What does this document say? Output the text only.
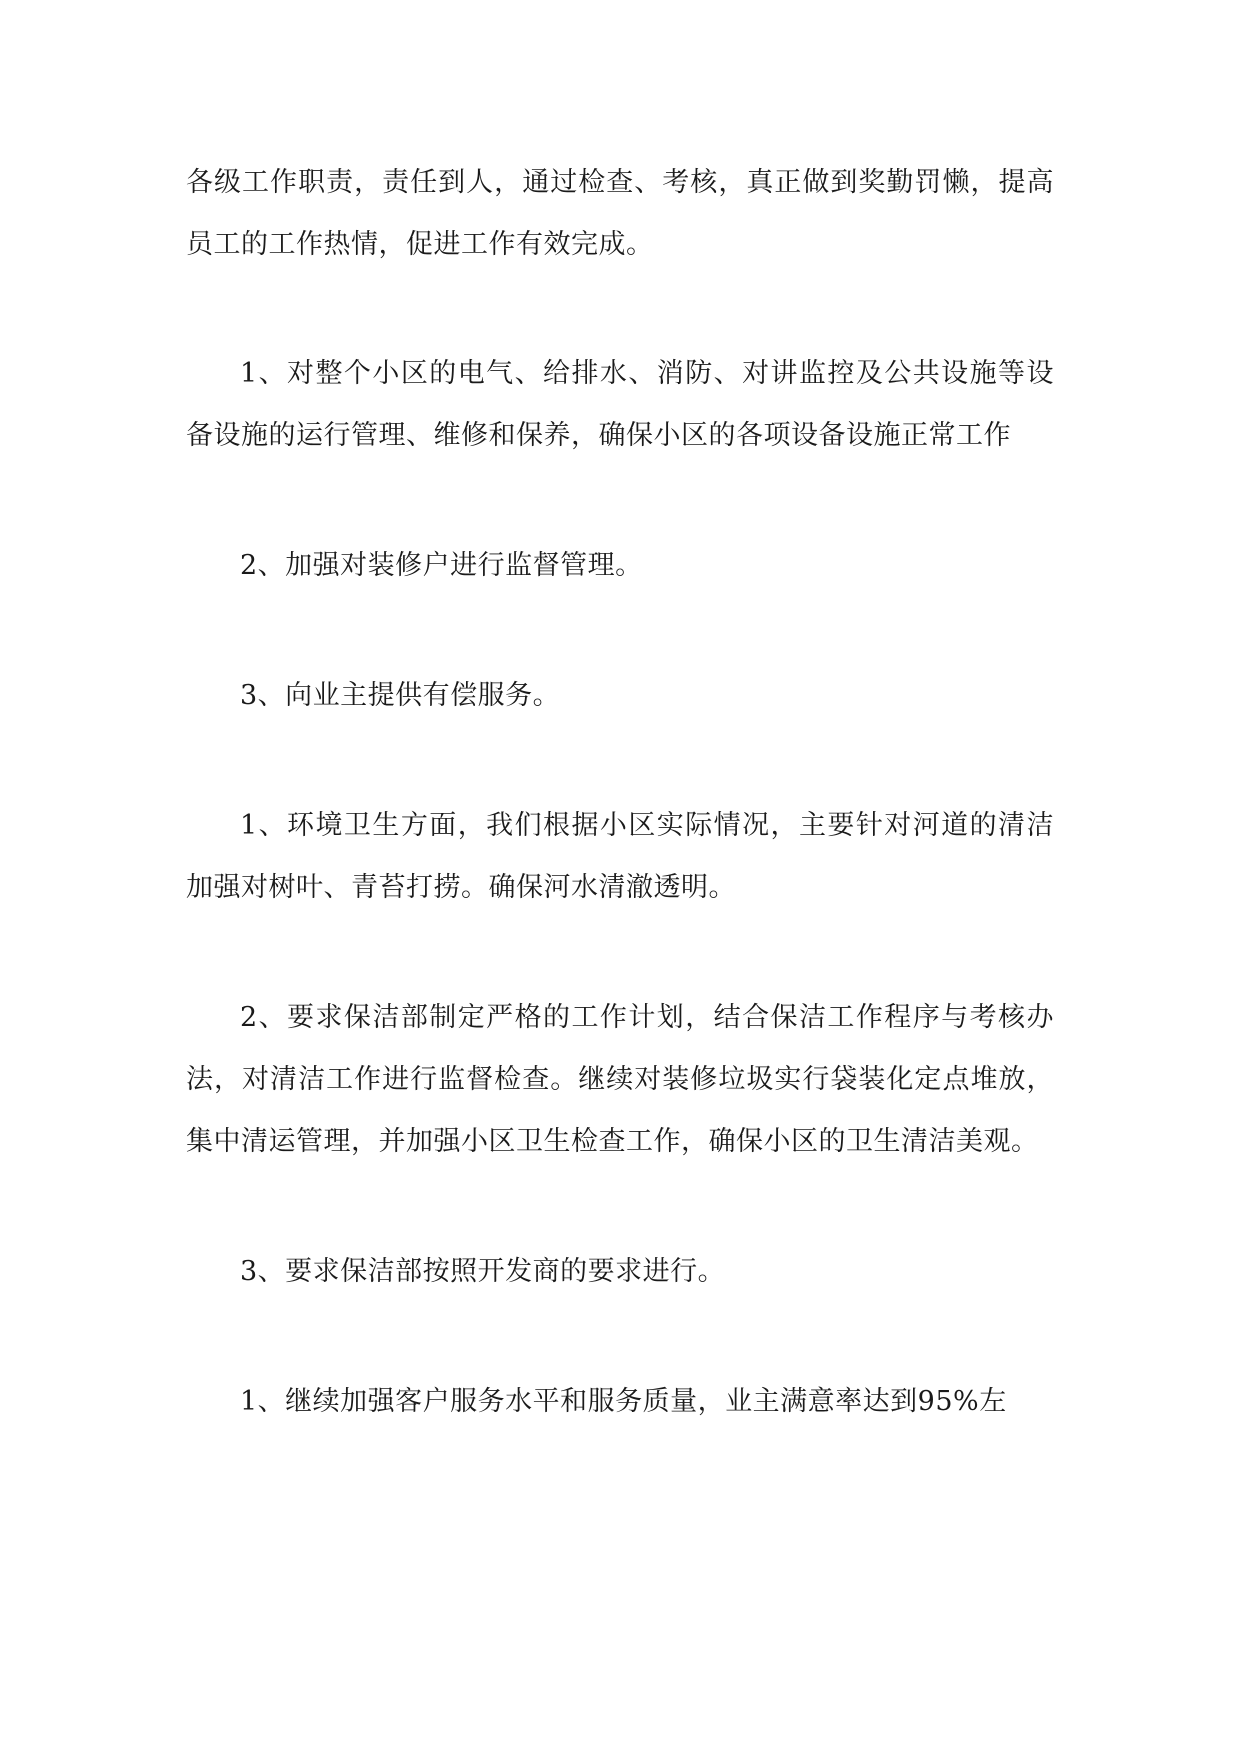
各级工作职责，责任到人，通过检查、考核，真正做到奖勤罚懒，提高员工的工作热情，促进工作有效完成。

1、对整个小区的电气、给排水、消防、对讲监控及公共设施等设备设施的运行管理、维修和保养，确保小区的各项设备设施正常工作

2、加强对装修户进行监督管理。

3、向业主提供有偿服务。

1、环境卫生方面，我们根据小区实际情况，主要针对河道的清洁加强对树叶、青苔打捞。确保河水清澈透明。

2、要求保洁部制定严格的工作计划，结合保洁工作程序与考核办法，对清洁工作进行监督检查。继续对装修垃圾实行袋装化定点堆放，集中清运管理，并加强小区卫生检查工作，确保小区的卫生清洁美观。

3、要求保洁部按照开发商的要求进行。

1、继续加强客户服务水平和服务质量，业主满意率达到95%左
